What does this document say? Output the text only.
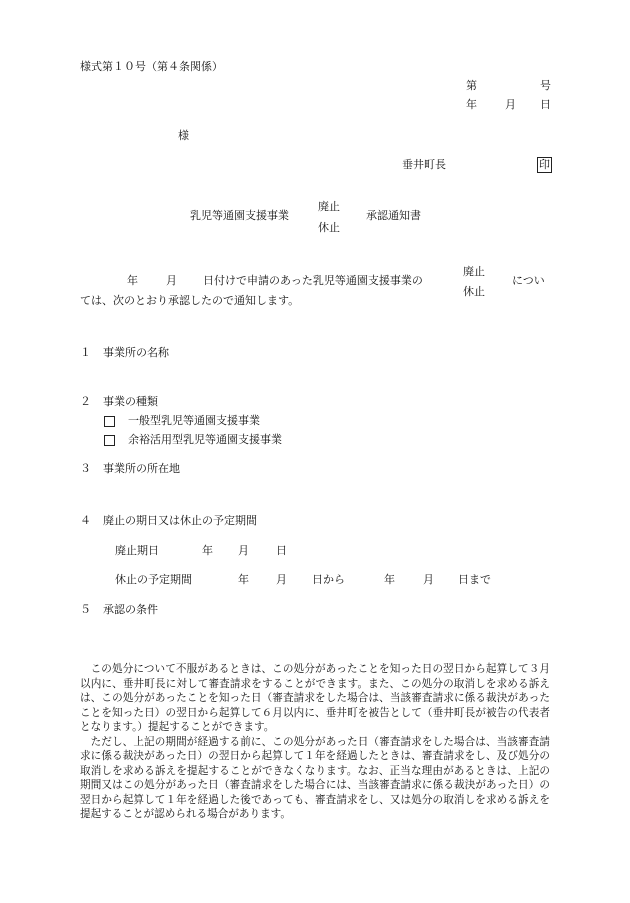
様式第１０号（第４条関係）
第	号
年	月 日
様
垂井町長	印
乳児等通園支援事業
廃止
休止
承認通知書
年	月 日付けで申請のあった乳児等通園支援事業の
廃止
休止
につい
ては、次のとおり承認したので通知します。
１ 事業所の名称
２ 事業の種類
一般型乳児等通園支援事業
余裕活用型乳児等通園支援事業
３ 事業所の所在地
４ 廃止の期日又は休止の予定期間
廃止期日	年 月 日
休止の予定期間	年 月 日から	年	月 日まで
５ 承認の条件

この処分について不服があるときは、この処分があったことを知った日の翌日から起算して３月以内に、垂井町長に対して審査請求をすることができます。また、この処分の取消しを求める訴えは、この処分があったことを知った日（審査請求をした場合は、当該審査請求に係る裁決があったことを知った日）の翌日から起算して６月以内に、垂井町を被告として（垂井町長が被告の代表者となります。）提起することができます。

ただし、上記の期間が経過する前に、この処分があった日（審査請求をした場合は、当該審査請求に係る裁決があった日）の翌日から起算して１年を経過したときは、審査請求をし、及び処分の取消しを求める訴えを提起することができなくなります。なお、正当な理由があるときは、上記の期間又はこの処分があった日（審査請求をした場合には、当該審査請求に係る裁決があった日）の翌日から起算して１年を経過した後であっても、審査請求をし、又は処分の取消しを求める訴えを提起することが認められる場合があります。
